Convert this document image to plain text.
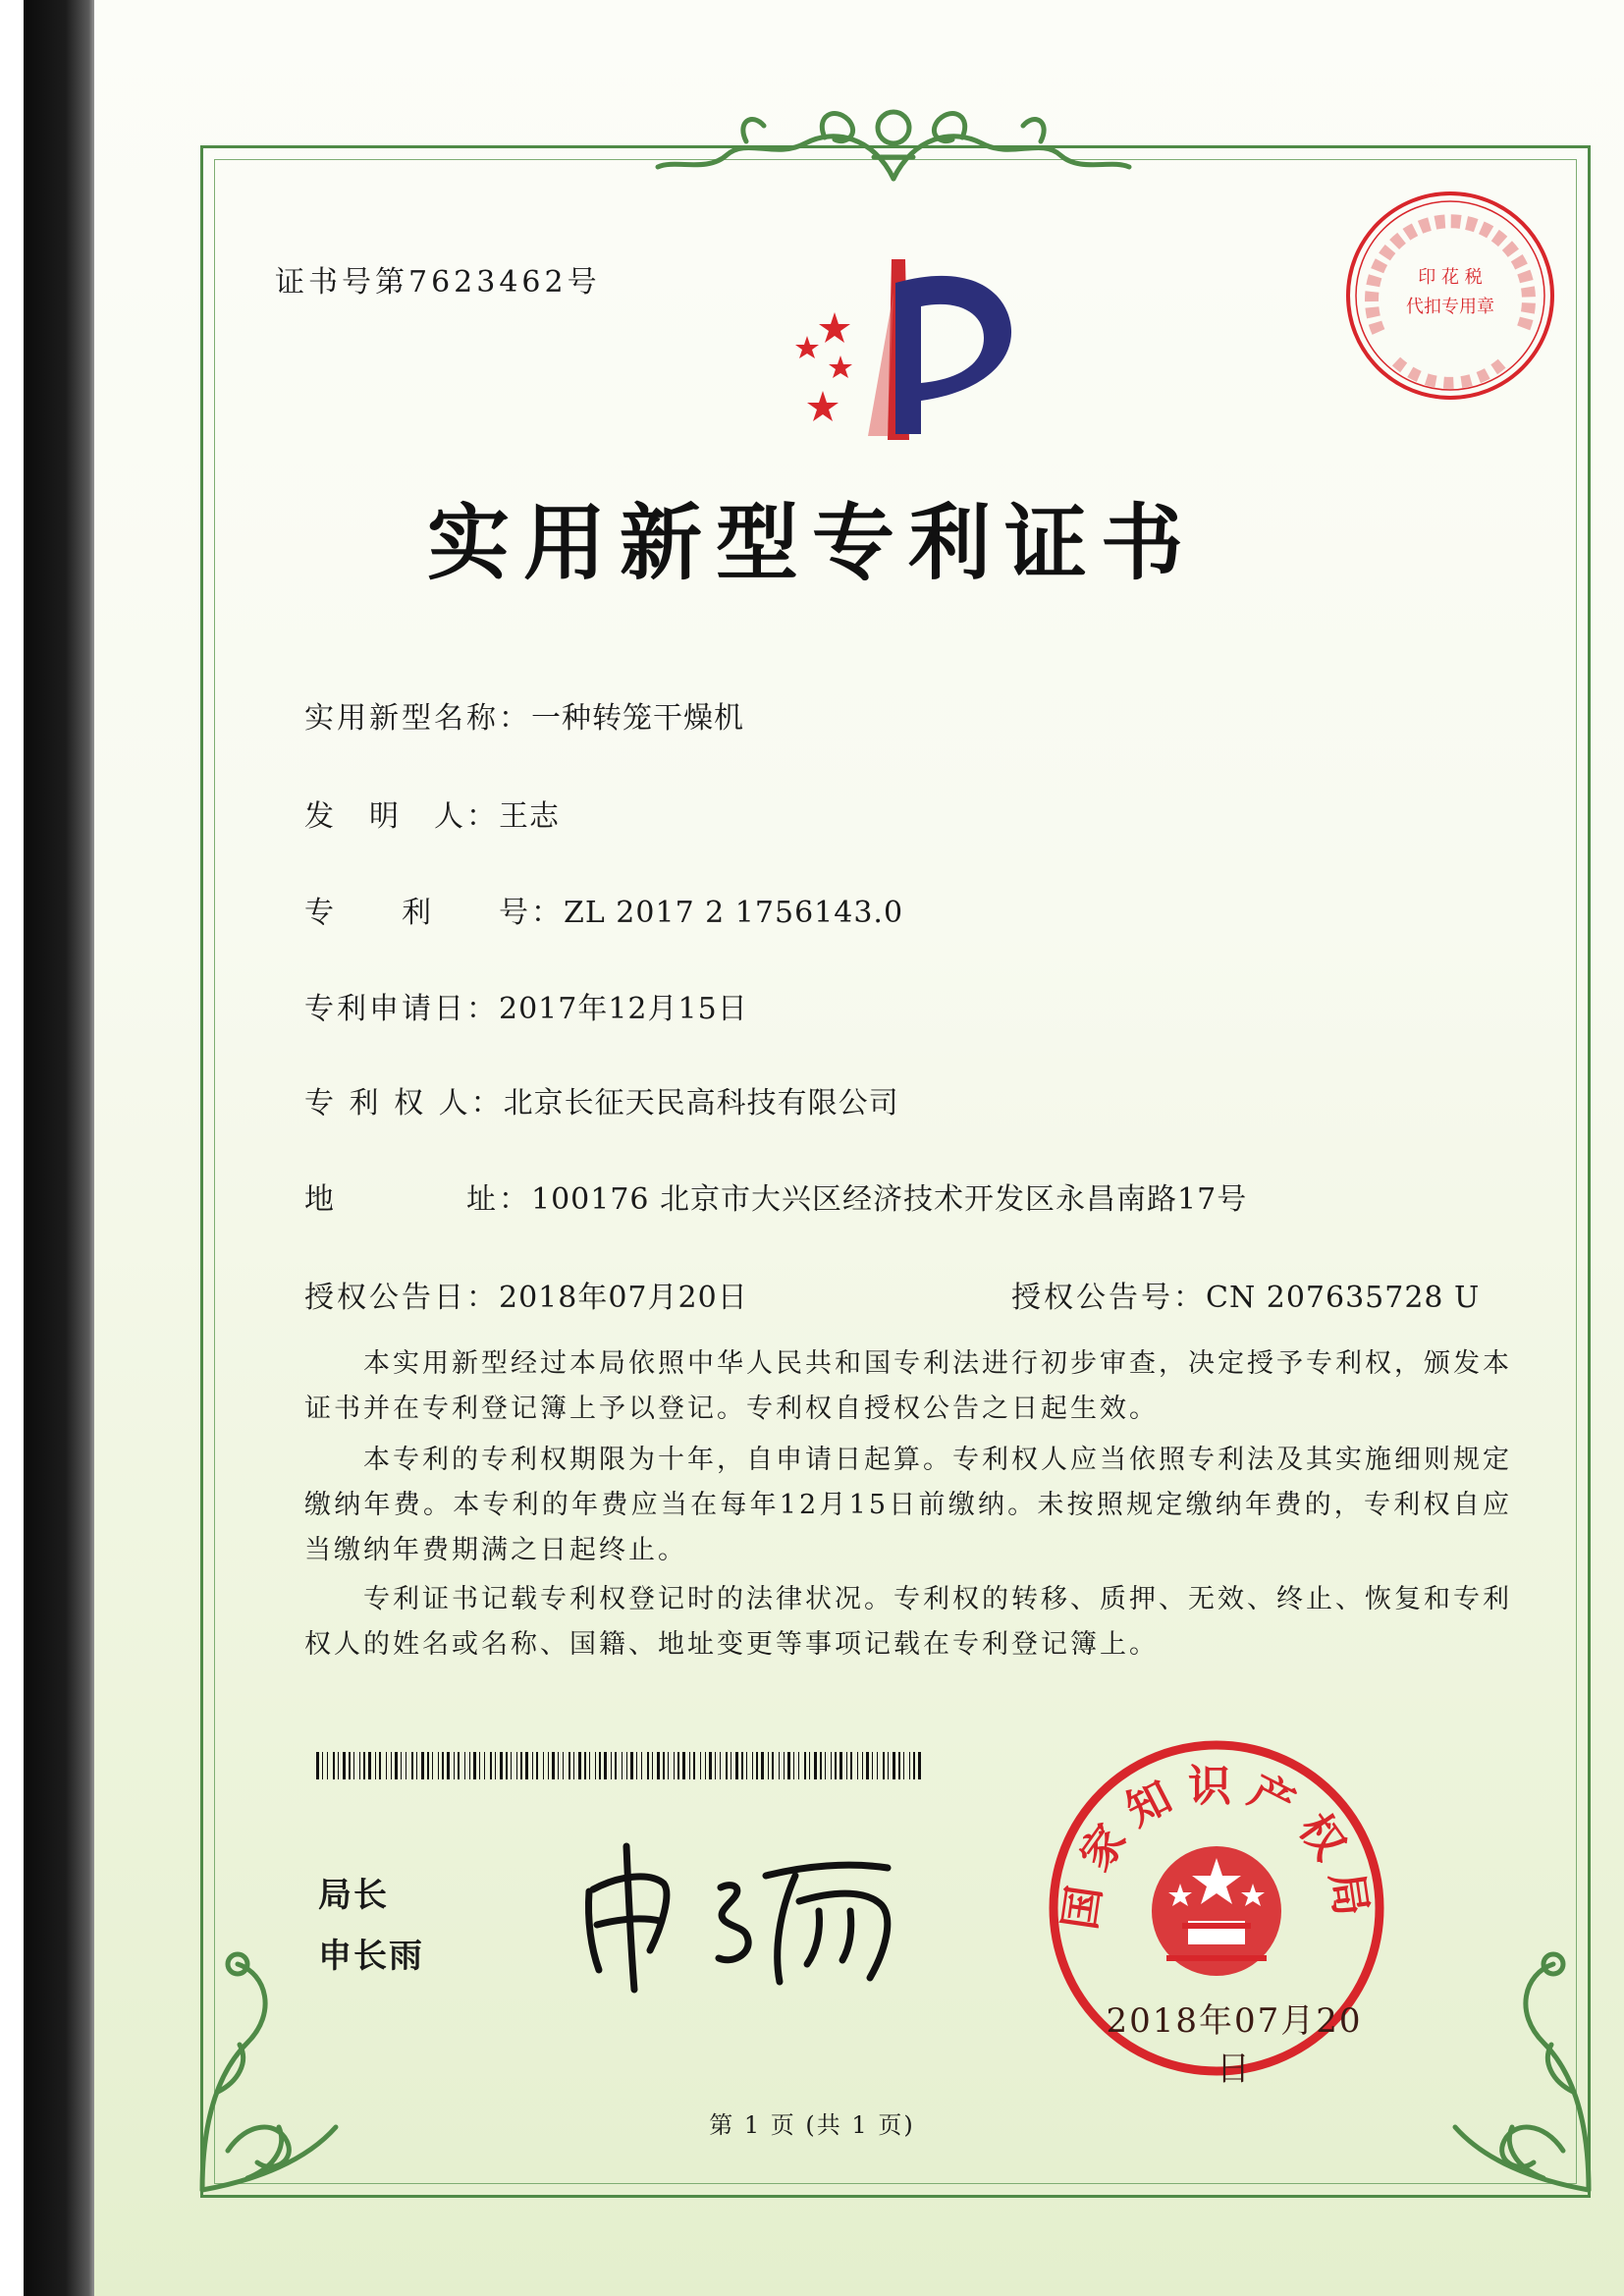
证书号第7623462号	印 花 税
代扣专用章
实用新型专利证书
实用新型名称：一种转笼干燥机
发　明　人：王志
专　　利　　号：ZL 2017 2 1756143.0
专利申请日：2017年12月15日
专 利 权 人：北京长征天民高科技有限公司
地　　　　址：100176 北京市大兴区经济技术开发区永昌南路17号
授权公告日：2018年07月20日	授权公告号：CN 207635728 U
本实用新型经过本局依照中华人民共和国专利法进行初步审查，决定授予专利权，颁发本证书并在专利登记簿上予以登记。专利权自授权公告之日起生效。
本专利的专利权期限为十年，自申请日起算。专利权人应当依照专利法及其实施细则规定缴纳年费。本专利的年费应当在每年12月15日前缴纳。未按照规定缴纳年费的，专利权自应当缴纳年费期满之日起终止。
专利证书记载专利权登记时的法律状况。专利权的转移、质押、无效、终止、恢复和专利权人的姓名或名称、国籍、地址变更等事项记载在专利登记簿上。
局长
申长雨
国家知识产权局
2018年07月20日
第 1 页 (共 1 页)
